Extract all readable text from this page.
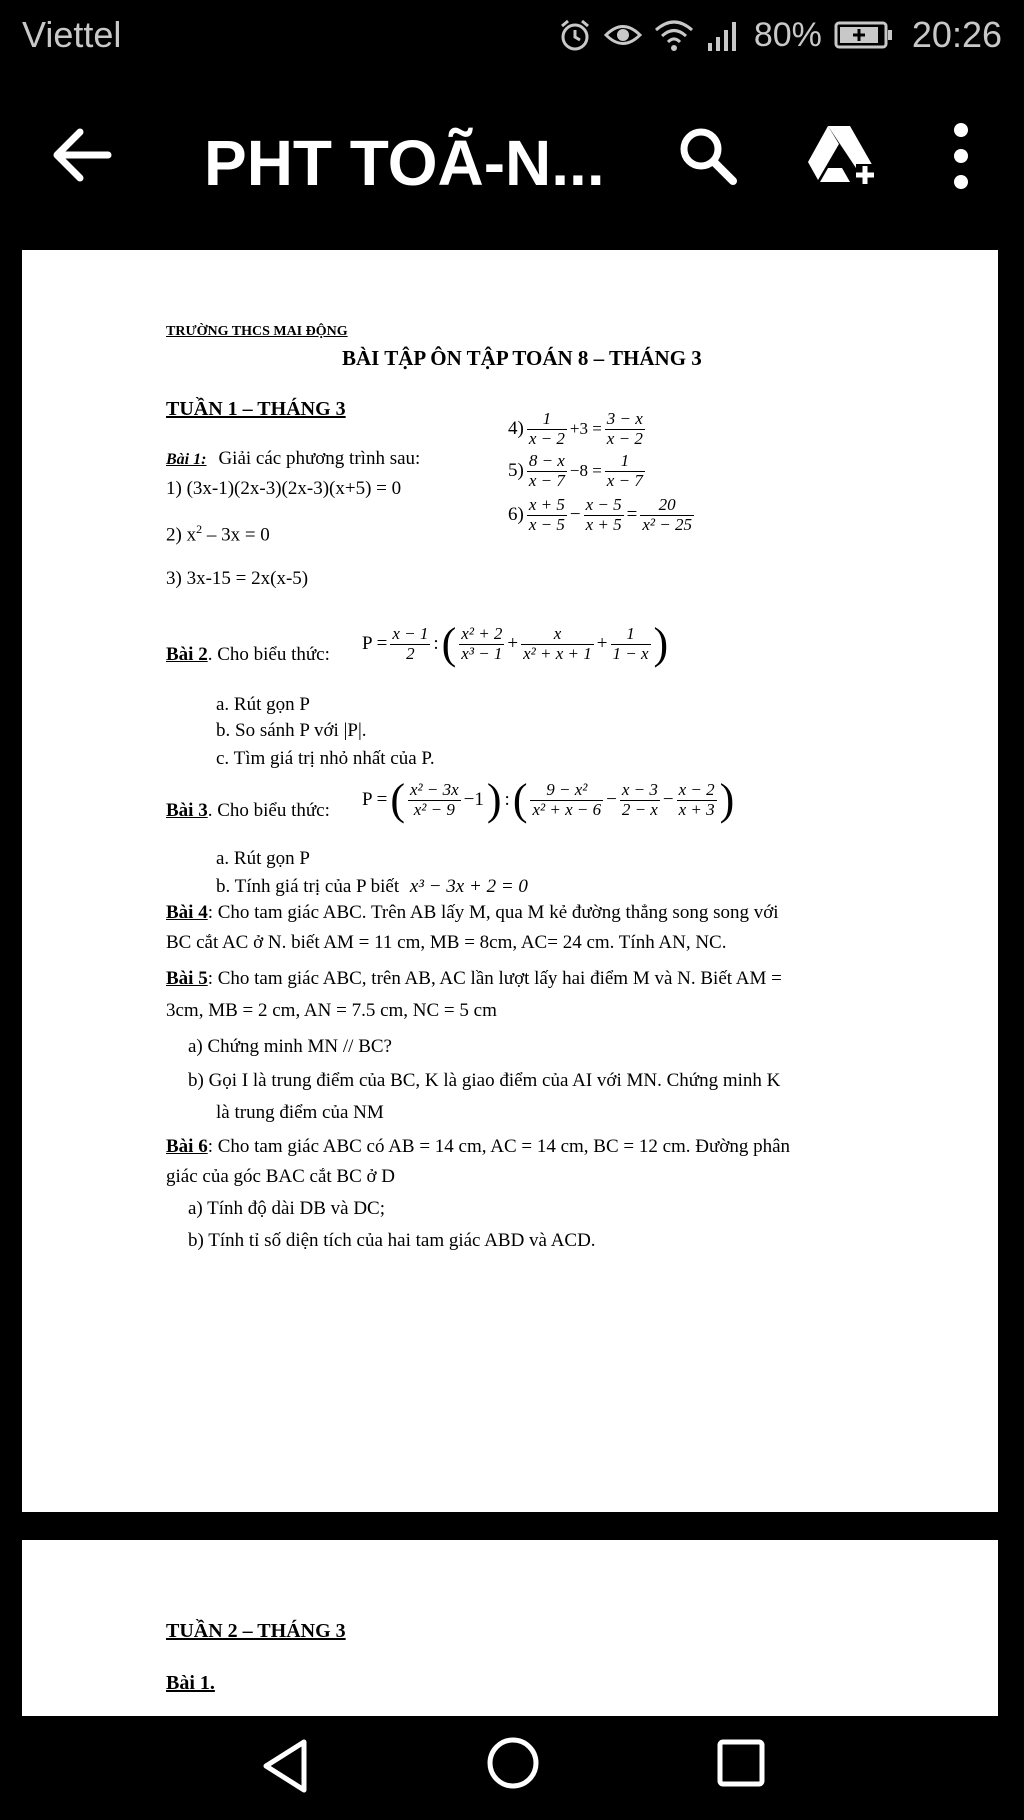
Viettel	80%	20:26
PHT TOÃ-N...
TRƯỜNG THCS MAI ĐỘNG
BÀI TẬP ÔN TẬP TOÁN 8 – THÁNG 3
TUẦN 1 – THÁNG 3
Bài 1: Giải các phương trình sau:
1) (3x-1)(2x-3)(2x-3)(x+5) = 0
2) $x^2 - 3x = 0$
3) 3x-15 = 2x(x-5)
$4) \frac{1}{x - 2} +3 = \frac{3 - x}{x - 2}$
$5) \frac{8 - x}{x - 7} -8 = \frac{1}{x - 7}$
$6) \frac{x + 5}{x - 5} - \frac{x - 5}{x + 5} = \frac{20}{\text{x² − 25}}$
Bài 2. Cho biểu thức:
$P = \frac{x - 1}{2}$ : ( $\frac{\text{x² + 2}}{\text{x³ − 1}} + \frac{x}{\text{x² + x + 1}} + \frac{1}{1 - x}$ )
a. Rút gọn P
b. So sánh P với |P|.
c. Tìm giá trị nhỏ nhất của P.
Bài 3. Cho biểu thức:
P = ( $\frac{\text{x² − 3x}}{\text{x² − 9}} -1$ ) : ( $\frac{\text{9 − x²}}{\text{x² + x − 6}} - \frac{x - 3}{2 - x} - \frac{x - 2}{x + 3}$ )
a. Rút gọn P
b. Tính giá trị của P biết x³ − 3x + 2 = 0
Bài 4: Cho tam giác ABC. Trên AB lấy M, qua M kẻ đường thẳng song song với
BC cắt AC ở N. biết AM = 11 cm, MB = 8cm, AC= 24 cm. Tính AN, NC.
Bài 5: Cho tam giác ABC, trên AB, AC lần lượt lấy hai điểm M và N. Biết AM =
3cm, MB = 2 cm, AN = 7.5 cm, NC = 5 cm
a) Chứng minh MN // BC?
b) Gọi I là trung điểm của BC, K là giao điểm của AI với MN. Chứng minh K
là trung điểm của NM
Bài 6: Cho tam giác ABC có AB = 14 cm, AC = 14 cm, BC = 12 cm. Đường phân
giác của góc BAC cắt BC ở D
a) Tính độ dài DB và DC;
b) Tính tỉ số diện tích của hai tam giác ABD và ACD.
TUẦN 2 – THÁNG 3
Bài 1.
